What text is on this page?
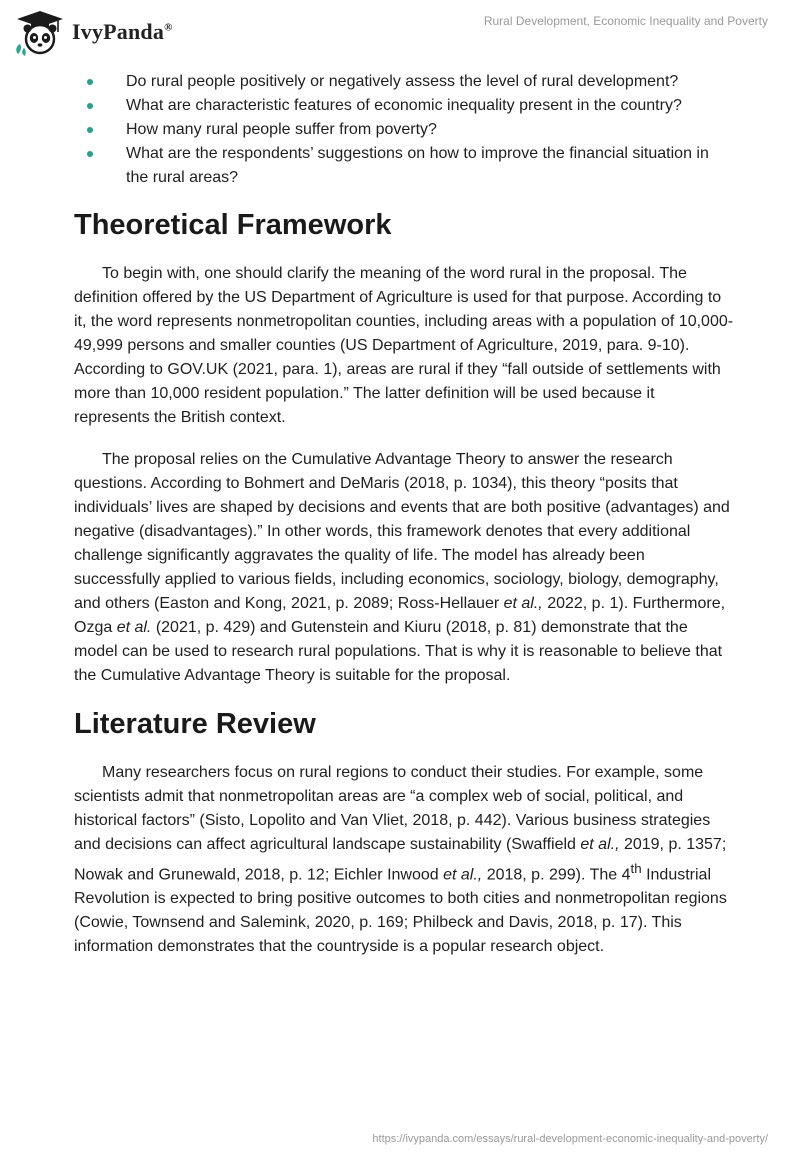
IvyPanda®	Rural Development, Economic Inequality and Poverty
Do rural people positively or negatively assess the level of rural development?
What are characteristic features of economic inequality present in the country?
How many rural people suffer from poverty?
What are the respondents’ suggestions on how to improve the financial situation in the rural areas?
Theoretical Framework

To begin with, one should clarify the meaning of the word rural in the proposal. The definition offered by the US Department of Agriculture is used for that purpose. According to it, the word represents nonmetropolitan counties, including areas with a population of 10,000-49,999 persons and smaller counties (US Department of Agriculture, 2019, para. 9-10). According to GOV.UK (2021, para. 1), areas are rural if they “fall outside of settlements with more than 10,000 resident population.” The latter definition will be used because it represents the British context.

The proposal relies on the Cumulative Advantage Theory to answer the research questions. According to Bohmert and DeMaris (2018, p. 1034), this theory “posits that individuals’ lives are shaped by decisions and events that are both positive (advantages) and negative (disadvantages).” In other words, this framework denotes that every additional challenge significantly aggravates the quality of life. The model has already been successfully applied to various fields, including economics, sociology, biology, demography, and others (Easton and Kong, 2021, p. 2089; Ross-Hellauer et al., 2022, p. 1). Furthermore, Ozga et al. (2021, p. 429) and Gutenstein and Kiuru (2018, p. 81) demonstrate that the model can be used to research rural populations. That is why it is reasonable to believe that the Cumulative Advantage Theory is suitable for the proposal.

Literature Review

Many researchers focus on rural regions to conduct their studies. For example, some scientists admit that nonmetropolitan areas are “a complex web of social, political, and historical factors” (Sisto, Lopolito and Van Vliet, 2018, p. 442). Various business strategies and decisions can affect agricultural landscape sustainability (Swaffield et al., 2019, p. 1357; Nowak and Grunewald, 2018, p. 12; Eichler Inwood et al., 2018, p. 299). The 4th Industrial Revolution is expected to bring positive outcomes to both cities and nonmetropolitan regions (Cowie, Townsend and Salemink, 2020, p. 169; Philbeck and Davis, 2018, p. 17). This information demonstrates that the countryside is a popular research object.

https://ivypanda.com/essays/rural-development-economic-inequality-and-poverty/
